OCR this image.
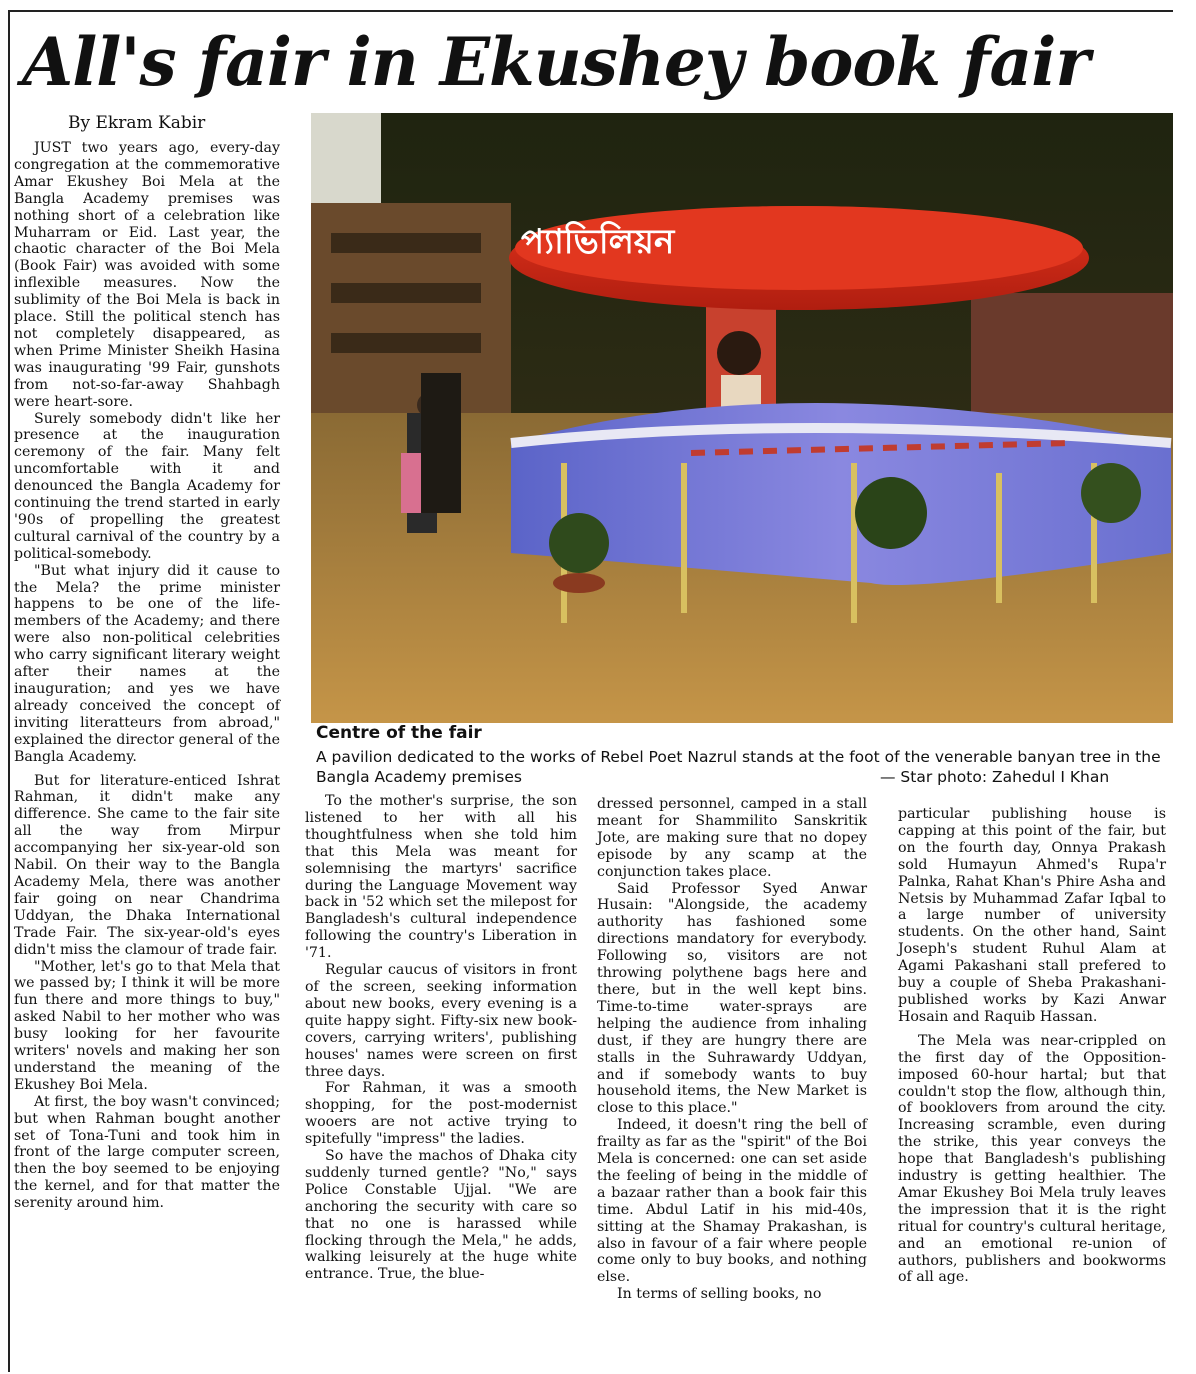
All's fair in Ekushey book fair
By Ekram Kabir
প্যাভিলিয়ন
Centre of the fair
A pavilion dedicated to the works of Rebel Poet Nazrul stands at the foot of the venerable banyan tree in the Bangla Academy premises	— Star photo: Zahedul I Khan

JUST two years ago, every-day congregation at the commemorative Amar Ekushey Boi Mela at the Bangla Academy premises was nothing short of a celebration like Muharram or Eid. Last year, the chaotic character of the Boi Mela (Book Fair) was avoided with some inflexible measures. Now the sublimity of the Boi Mela is back in place. Still the political stench has not completely disappeared, as when Prime Minister Sheikh Hasina was inaugurating '99 Fair, gunshots from not-so-far-away Shahbagh were heart-sore.

Surely somebody didn't like her presence at the inauguration ceremony of the fair. Many felt uncomfortable with it and denounced the Bangla Academy for continuing the trend started in early '90s of propelling the greatest cultural carnival of the country by a political-somebody.

"But what injury did it cause to the Mela? the prime minister happens to be one of the life-members of the Academy; and there were also non-political celebrities who carry significant literary weight after their names at the inauguration; and yes we have already conceived the concept of inviting literatteurs from abroad," explained the director general of the Bangla Academy.

But for literature-enticed Ishrat Rahman, it didn't make any difference. She came to the fair site all the way from Mirpur accompanying her six-year-old son Nabil. On their way to the Bangla Academy Mela, there was another fair going on near Chandrima Uddyan, the Dhaka International Trade Fair. The six-year-old's eyes didn't miss the clamour of trade fair.

"Mother, let's go to that Mela that we passed by; I think it will be more fun there and more things to buy," asked Nabil to her mother who was busy looking for her favourite writers' novels and making her son understand the meaning of the Ekushey Boi Mela.

At first, the boy wasn't convinced; but when Rahman bought another set of Tona-Tuni and took him in front of the large computer screen, then the boy seemed to be enjoying the kernel, and for that matter the serenity around him.

To the mother's surprise, the son listened to her with all his thoughtfulness when she told him that this Mela was meant for solemnising the martyrs' sacrifice during the Language Movement way back in '52 which set the milepost for Bangladesh's cultural independence following the country's Liberation in '71.

Regular caucus of visitors in front of the screen, seeking information about new books, every evening is a quite happy sight. Fifty-six new book-covers, carrying writers', publishing houses' names were screen on first three days.

For Rahman, it was a smooth shopping, for the post-modernist wooers are not active trying to spitefully "impress" the ladies.

So have the machos of Dhaka city suddenly turned gentle? "No," says Police Constable Ujjal. "We are anchoring the security with care so that no one is harassed while flocking through the Mela," he adds, walking leisurely at the huge white entrance. True, the blue-

dressed personnel, camped in a stall meant for Shammilito Sanskritik Jote, are making sure that no dopey episode by any scamp at the conjunction takes place.

Said Professor Syed Anwar Husain: "Alongside, the academy authority has fashioned some directions mandatory for everybody. Following so, visitors are not throwing polythene bags here and there, but in the well kept bins. Time-to-time water-sprays are helping the audience from inhaling dust, if they are hungry there are stalls in the Suhrawardy Uddyan, and if somebody wants to buy household items, the New Market is close to this place."

Indeed, it doesn't ring the bell of frailty as far as the "spirit" of the Boi Mela is concerned: one can set aside the feeling of being in the middle of a bazaar rather than a book fair this time. Abdul Latif in his mid-40s, sitting at the Shamay Prakashan, is also in favour of a fair where people come only to buy books, and nothing else.

In terms of selling books, no

particular publishing house is capping at this point of the fair, but on the fourth day, Onnya Prakash sold Humayun Ahmed's Rupa'r Palnka, Rahat Khan's Phire Asha and Netsis by Muhammad Zafar Iqbal to a large number of university students. On the other hand, Saint Joseph's student Ruhul Alam at Agami Pakashani stall prefered to buy a couple of Sheba Prakashani-published works by Kazi Anwar Hosain and Raquib Hassan.

The Mela was near-crippled on the first day of the Opposition-imposed 60-hour hartal; but that couldn't stop the flow, although thin, of booklovers from around the city. Increasing scramble, even during the strike, this year conveys the hope that Bangladesh's publishing industry is getting healthier. The Amar Ekushey Boi Mela truly leaves the impression that it is the right ritual for country's cultural heritage, and an emotional re-union of authors, publishers and bookworms of all age.
